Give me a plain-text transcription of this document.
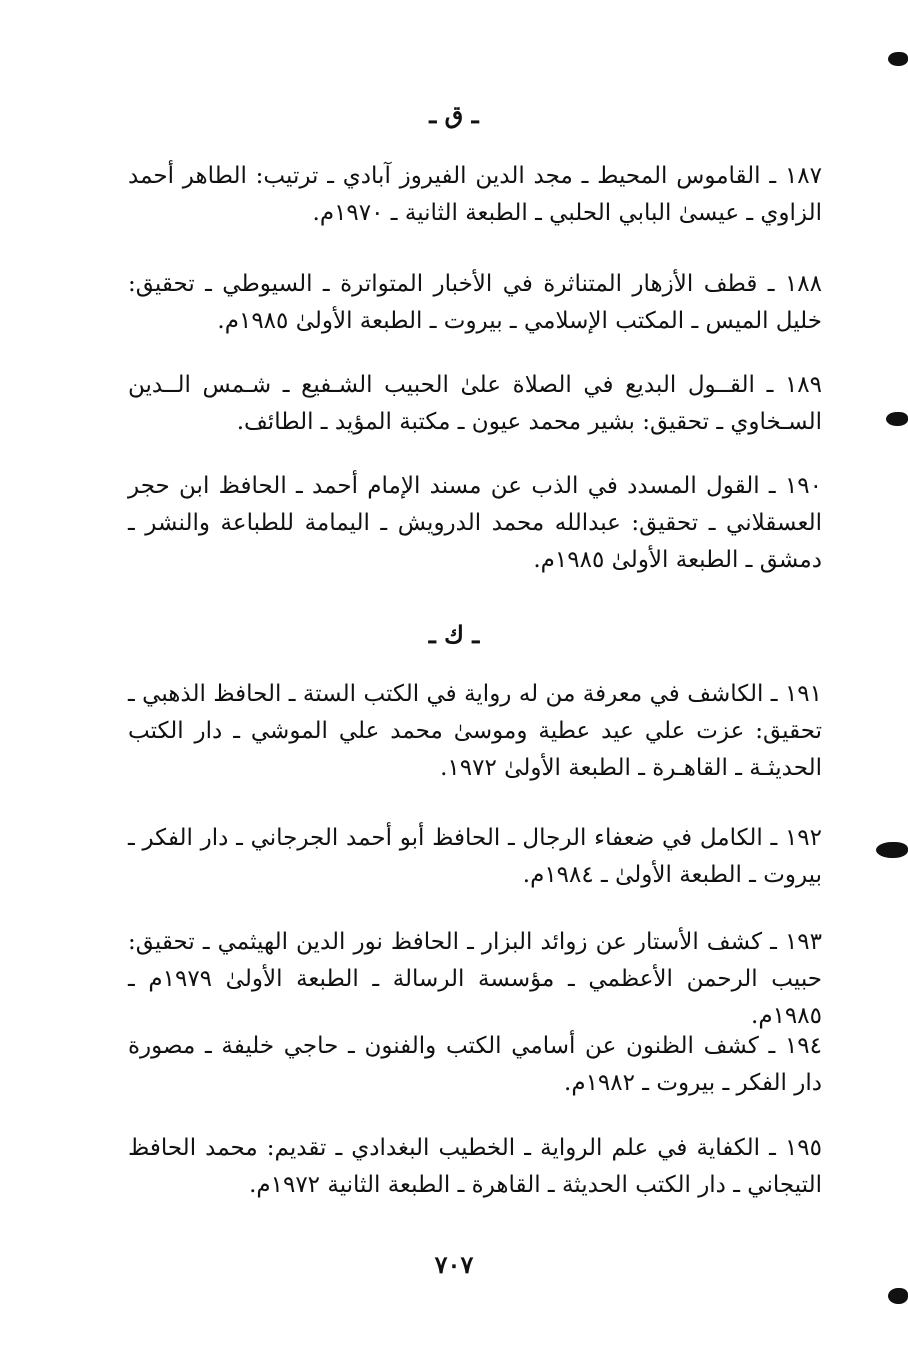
ـ ق ـ
١٨٧ ـ القاموس المحيط ـ مجد الدين الفيروز آبادي ـ ترتيب: الطاهر أحمد الزاوي ـ عيسىٰ البابي الحلبي ـ الطبعة الثانية ـ ١٩٧٠م.
١٨٨ ـ قطف الأزهار المتناثرة في الأخبار المتواترة ـ السيوطي ـ تحقيق: خليل الميس ـ المكتب الإسلامي ـ بيروت ـ الطبعة الأولىٰ ١٩٨٥م.
١٨٩ ـ القــول البديع في الصلاة علىٰ الحبيب الشـفيع ـ شـمس الــدين السـخاوي ـ تحقيق: بشير محمد عيون ـ مكتبة المؤيد ـ الطائف.
١٩٠ ـ القول المسدد في الذب عن مسند الإمام أحمد ـ الحافظ ابن حجر العسقلاني ـ تحقيق: عبدالله محمد الدرويش ـ اليمامة للطباعة والنشر ـ دمشق ـ الطبعة الأولىٰ ١٩٨٥م.
ـ ك ـ
١٩١ ـ الكاشف في معرفة من له رواية في الكتب الستة ـ الحافظ الذهبي ـ تحقيق: عزت علي عيد عطية وموسىٰ محمد علي الموشي ـ دار الكتب الحديثـة ـ القاهـرة ـ الطبعة الأولىٰ ١٩٧٢.
١٩٢ ـ الكامل في ضعفاء الرجال ـ الحافظ أبو أحمد الجرجاني ـ دار الفكر ـ بيروت ـ الطبعة الأولىٰ ـ ١٩٨٤م.
١٩٣ ـ كشف الأستار عن زوائد البزار ـ الحافظ نور الدين الهيثمي ـ تحقيق: حبيب الرحمن الأعظمي ـ مؤسسة الرسالة ـ الطبعة الأولىٰ ١٩٧٩م ـ ١٩٨٥م.
١٩٤ ـ كشف الظنون عن أسامي الكتب والفنون ـ حاجي خليفة ـ مصورة دار الفكر ـ بيروت ـ ١٩٨٢م.
١٩٥ ـ الكفاية في علم الرواية ـ الخطيب البغدادي ـ تقديم: محمد الحافظ التيجاني ـ دار الكتب الحديثة ـ القاهرة ـ الطبعة الثانية ١٩٧٢م.
٧٠٧
